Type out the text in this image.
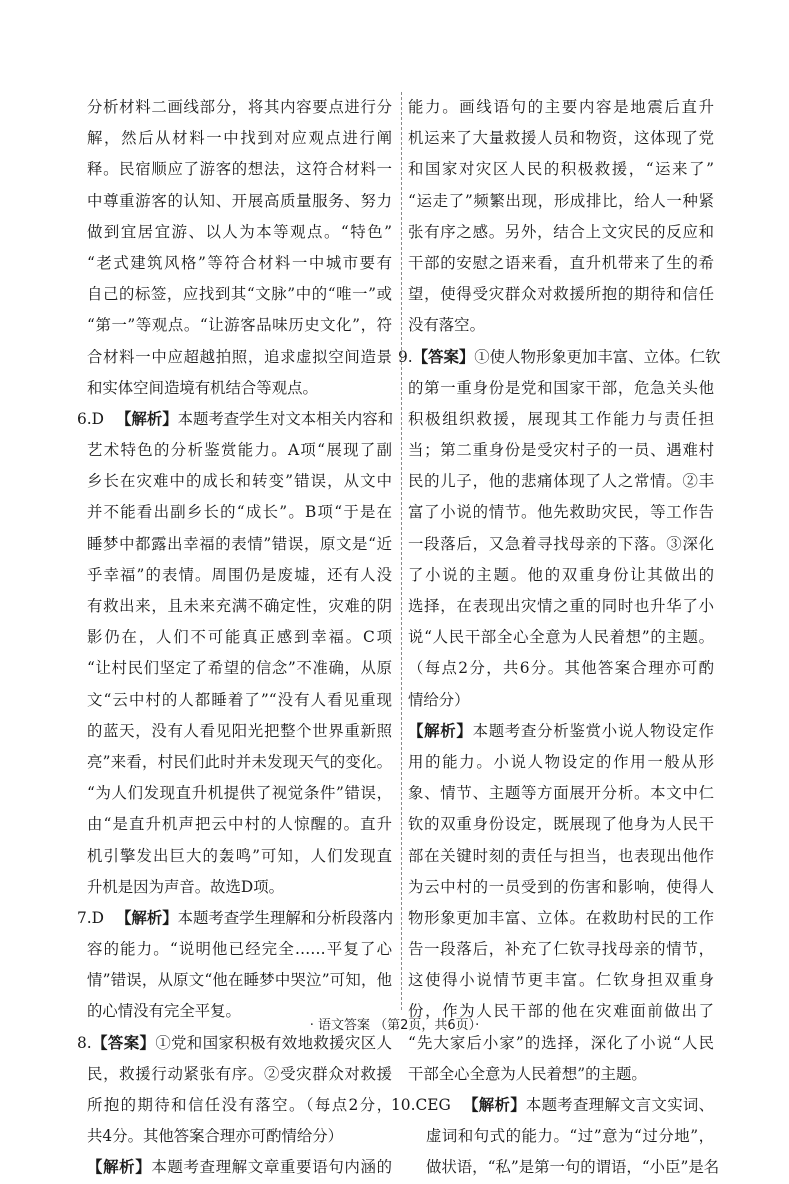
分析材料二画线部分，将其内容要点进行分
解，然后从材料一中找到对应观点进行阐
释。民宿顺应了游客的想法，这符合材料一
中尊重游客的认知、开展高质量服务、努力
做到宜居宜游、以人为本等观点。“特色”
“老式建筑风格”等符合材料一中城市要有
自己的标签，应找到其“文脉”中的“唯一”或
“第一”等观点。“让游客品味历史文化”，符
合材料一中应超越拍照，追求虚拟空间造景
和实体空间造境有机结合等观点。
6.D 【解析】本题考查学生对文本相关内容和
艺术特色的分析鉴赏能力。A项“展现了副
乡长在灾难中的成长和转变”错误，从文中
并不能看出副乡长的“成长”。B项“于是在
睡梦中都露出幸福的表情”错误，原文是“近
乎幸福”的表情。周围仍是废墟，还有人没
有救出来，且未来充满不确定性，灾难的阴
影仍在，人们不可能真正感到幸福。C项
“让村民们坚定了希望的信念”不准确，从原
文“云中村的人都睡着了”“没有人看见重现
的蓝天，没有人看见阳光把整个世界重新照
亮”来看，村民们此时并未发现天气的变化。
“为人们发现直升机提供了视觉条件”错误，
由“是直升机声把云中村的人惊醒的。直升
机引擎发出巨大的轰鸣”可知，人们发现直
升机是因为声音。故选D项。
7.D 【解析】本题考查学生理解和分析段落内
容的能力。“说明他已经完全……平复了心
情”错误，从原文“他在睡梦中哭泣”可知，他
的心情没有完全平复。
8.【答案】①党和国家积极有效地救援灾区人
民，救援行动紧张有序。②受灾群众对救援
所抱的期待和信任没有落空。（每点2分，
共4分。其他答案合理亦可酌情给分）
【解析】本题考查理解文章重要语句内涵的
能力。画线语句的主要内容是地震后直升
机运来了大量救援人员和物资，这体现了党
和国家对灾区人民的积极救援，“运来了”
“运走了”频繁出现，形成排比，给人一种紧
张有序之感。另外，结合上文灾民的反应和
干部的安慰之语来看，直升机带来了生的希
望，使得受灾群众对救援所抱的期待和信任
没有落空。
9.【答案】①使人物形象更加丰富、立体。仁钦
的第一重身份是党和国家干部，危急关头他
积极组织救援，展现其工作能力与责任担
当；第二重身份是受灾村子的一员、遇难村
民的儿子，他的悲痛体现了人之常情。②丰
富了小说的情节。他先救助灾民，等工作告
一段落后，又急着寻找母亲的下落。③深化
了小说的主题。他的双重身份让其做出的
选择，在表现出灾情之重的同时也升华了小
说“人民干部全心全意为人民着想”的主题。
（每点2分，共6分。其他答案合理亦可酌
情给分）
【解析】本题考查分析鉴赏小说人物设定作
用的能力。小说人物设定的作用一般从形
象、情节、主题等方面展开分析。本文中仁
钦的双重身份设定，既展现了他身为人民干
部在关键时刻的责任与担当，也表现出他作
为云中村的一员受到的伤害和影响，使得人
物形象更加丰富、立体。在救助村民的工作
告一段落后，补充了仁钦寻找母亲的情节，
这使得小说情节更丰富。仁钦身担双重身
份，作为人民干部的他在灾难面前做出了
“先大家后小家”的选择，深化了小说“人民
干部全心全意为人民着想”的主题。
10.CEG 【解析】本题考查理解文言文实词、
虚词和句式的能力。“过”意为“过分地”，
做状语，“私”是第一句的谓语，“小臣”是名
· 语文答案 （第2页，共6页）·
